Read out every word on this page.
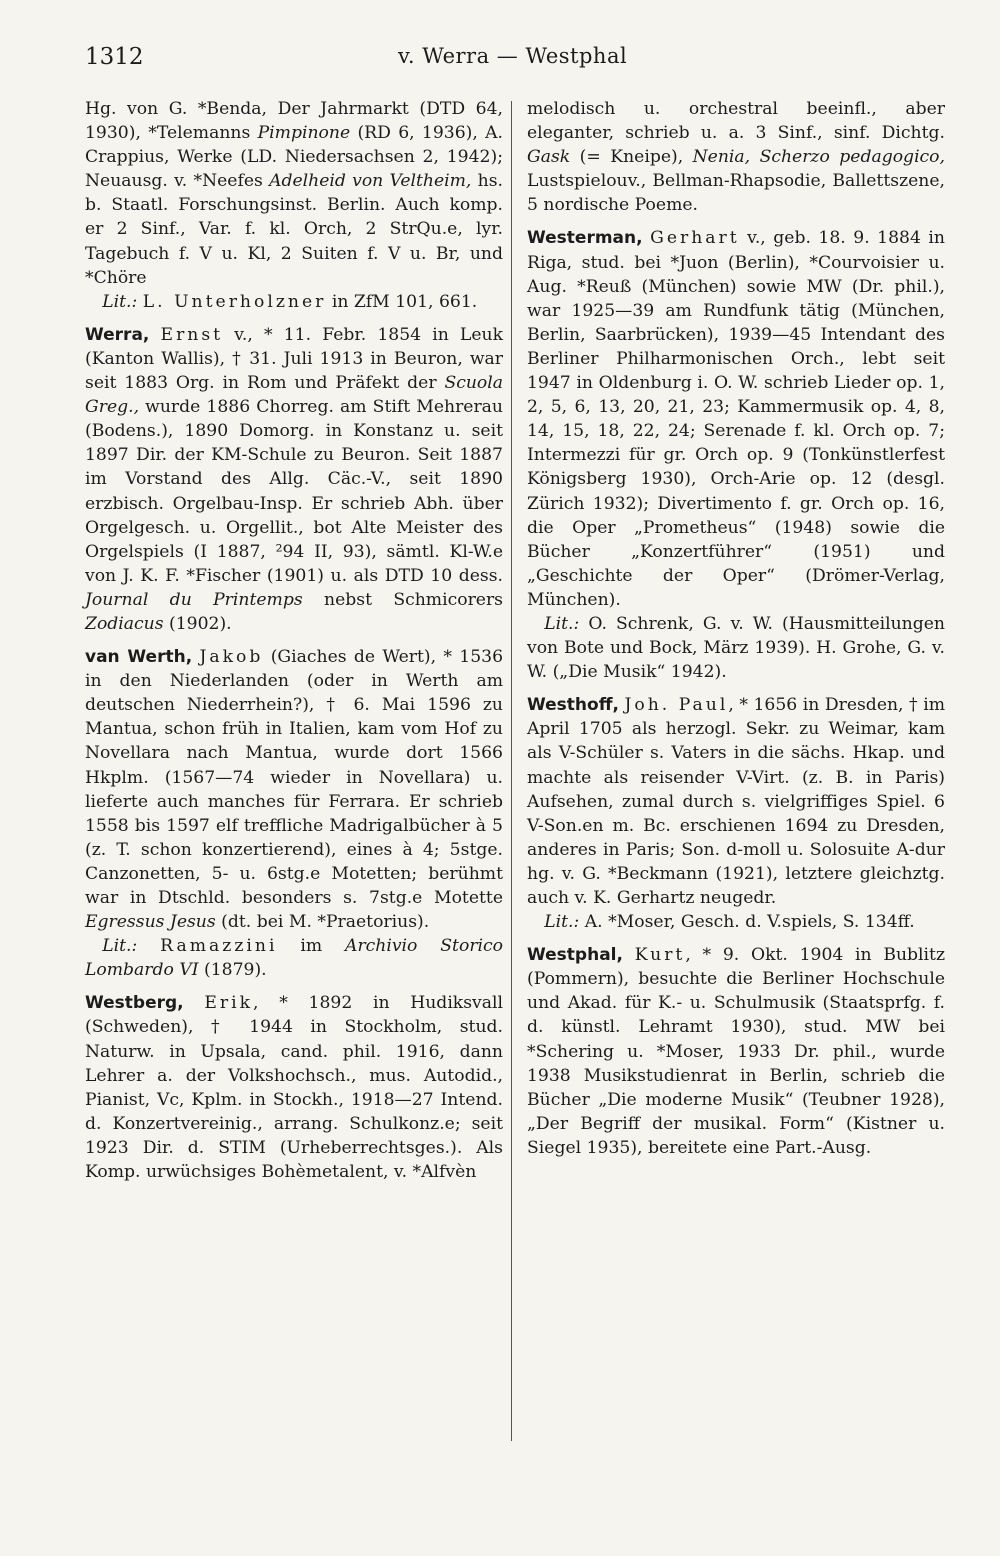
1312	v. Werra — Westphal

Hg. von G. *Benda, Der Jahrmarkt (DTD 64, 1930), *Telemanns Pimpinone (RD 6, 1936), A. Crappius, Werke (LD. Niedersachsen 2, 1942); Neuausg. v. *Neefes Adelheid von Veltheim, hs. b. Staatl. Forschungsinst. Berlin. Auch komp. er 2 Sinf., Var. f. kl. Orch, 2 StrQu.e, lyr. Tagebuch f. V u. Kl, 2 Suiten f. V u. Br, und *Chöre

 Lit.: L. Unterholzner in ZfM 101, 661.

Werra, Ernst v., * 11. Febr. 1854 in Leuk (Kanton Wallis), † 31. Juli 1913 in Beuron, war seit 1883 Org. in Rom und Präfekt der Scuola Greg., wurde 1886 Chorreg. am Stift Mehrerau (Bodens.), 1890 Domorg. in Konstanz u. seit 1897 Dir. der KM-Schule zu Beuron. Seit 1887 im Vorstand des Allg. Cäc.-V., seit 1890 erzbisch. Orgelbau-Insp. Er schrieb Abh. über Orgelgesch. u. Orgellit., bot Alte Meister des Orgelspiels (I 1887, ²94 II, 93), sämtl. Kl-W.e von J. K. F. *Fischer (1901) u. als DTD 10 dess. Journal du Printemps nebst Schmicorers Zodiacus (1902).

van Werth, Jakob (Giaches de Wert), * 1536 in den Niederlanden (oder in Werth am deutschen Niederrhein?), † 6. Mai 1596 zu Mantua, schon früh in Italien, kam vom Hof zu Novellara nach Mantua, wurde dort 1566 Hkplm. (1567—74 wieder in Novellara) u. lieferte auch manches für Ferrara. Er schrieb 1558 bis 1597 elf treffliche Madrigalbücher à 5 (z. T. schon konzertierend), eines à 4; 5stge. Canzonetten, 5- u. 6stg.e Motetten; berühmt war in Dtschld. besonders s. 7stg.e Motette Egressus Jesus (dt. bei M. *Praetorius).

 Lit.: Ramazzini im Archivio Storico Lombardo VI (1879).

Westberg, Erik, * 1892 in Hudiksvall (Schweden), † 1944 in Stockholm, stud. Naturw. in Upsala, cand. phil. 1916, dann Lehrer a. der Volkshochsch., mus. Autodid., Pianist, Vc, Kplm. in Stockh., 1918—27 Intend. d. Konzertvereinig., arrang. Schulkonz.e; seit 1923 Dir. d. STIM (Urheberrechtsges.). Als Komp. urwüchsiges Bohèmetalent, v. *Alfvèn

melodisch u. orchestral beeinfl., aber eleganter, schrieb u. a. 3 Sinf., sinf. Dichtg. Gask (= Kneipe), Nenia, Scherzo pedagogico, Lustspielouv., Bellman-Rhapsodie, Ballettszene, 5 nordische Poeme.

Westerman, Gerhart v., geb. 18. 9. 1884 in Riga, stud. bei *Juon (Berlin), *Courvoisier u. Aug. *Reuß (München) sowie MW (Dr. phil.), war 1925—39 am Rundfunk tätig (München, Berlin, Saarbrücken), 1939—45 Intendant des Berliner Philharmonischen Orch., lebt seit 1947 in Oldenburg i. O. W. schrieb Lieder op. 1, 2, 5, 6, 13, 20, 21, 23; Kammermusik op. 4, 8, 14, 15, 18, 22, 24; Serenade f. kl. Orch op. 7; Intermezzi für gr. Orch op. 9 (Tonkünstlerfest Königsberg 1930), Orch-Arie op. 12 (desgl. Zürich 1932); Divertimento f. gr. Orch op. 16, die Oper „Prometheus“ (1948) sowie die Bücher „Konzertführer“ (1951) und „Geschichte der Oper“ (Drömer-Verlag, München).

 Lit.: O. Schrenk, G. v. W. (Hausmitteilungen von Bote und Bock, März 1939). H. Grohe, G. v. W. („Die Musik“ 1942).

Westhoff, Joh. Paul, * 1656 in Dresden, † im April 1705 als herzogl. Sekr. zu Weimar, kam als V-Schüler s. Vaters in die sächs. Hkap. und machte als reisender V-Virt. (z. B. in Paris) Aufsehen, zumal durch s. vielgriffiges Spiel. 6 V-Son.en m. Bc. erschienen 1694 zu Dresden, anderes in Paris; Son. d-moll u. Solosuite A-dur hg. v. G. *Beckmann (1921), letztere gleichztg. auch v. K. Gerhartz neugedr.

 Lit.: A. *Moser, Gesch. d. V.spiels, S. 134ff.

Westphal, Kurt, * 9. Okt. 1904 in Bublitz (Pommern), besuchte die Berliner Hochschule und Akad. für K.- u. Schulmusik (Staatsprfg. f. d. künstl. Lehramt 1930), stud. MW bei *Schering u. *Moser, 1933 Dr. phil., wurde 1938 Musikstudienrat in Berlin, schrieb die Bücher „Die moderne Musik“ (Teubner 1928), „Der Begriff der musikal. Form“ (Kistner u. Siegel 1935), bereitete eine Part.-Ausg.
